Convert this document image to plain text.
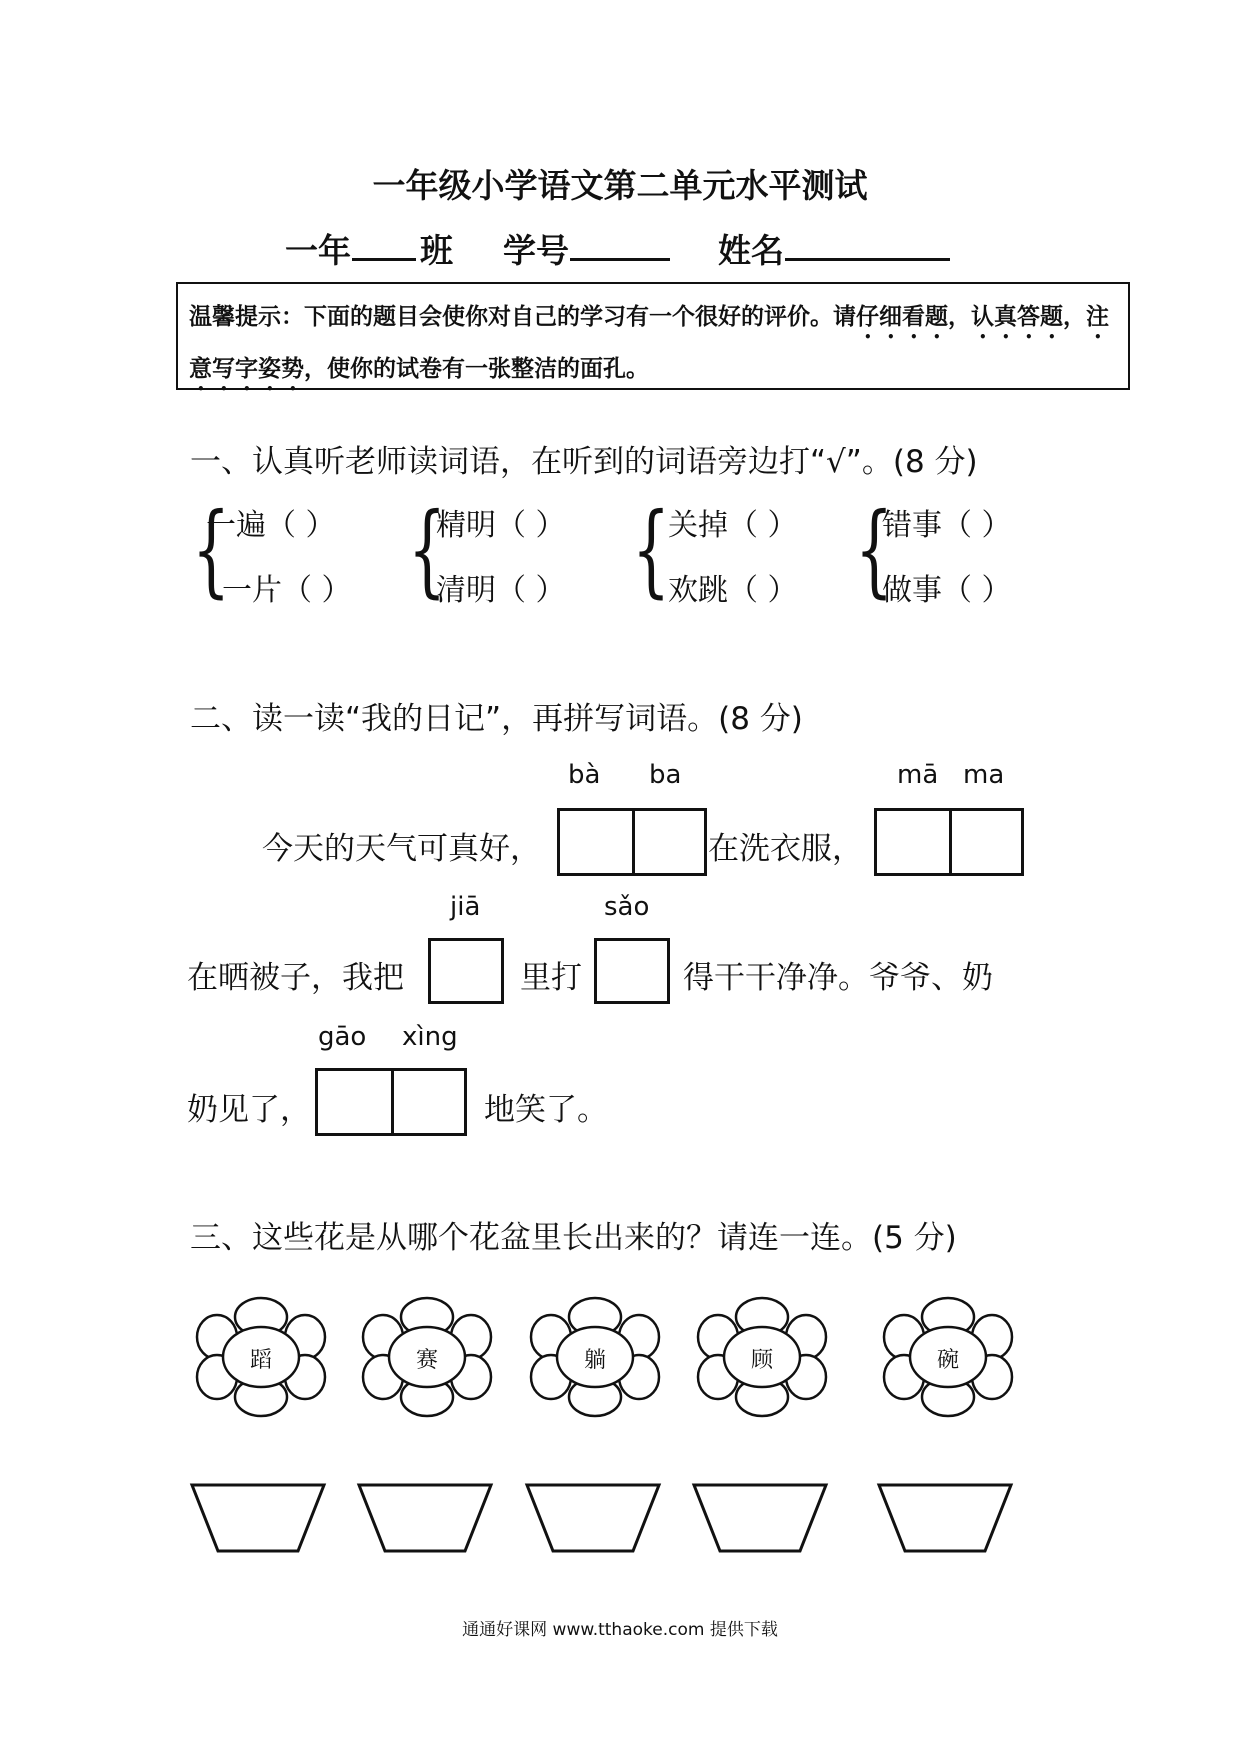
一年级小学语文第二单元水平测试
一年 班 学号	姓名
温馨提示：下面的题目会使你对自己的学习有一个很好的评价。请仔细看题，认真答题，注意写字姿势，使你的试卷有一张整洁的面孔。
一、认真听老师读词语，在听到的词语旁边打“√”。(8 分)
{
一遍（ ）
一片（ ） {
精明（ ）
清明（ ） {
关掉（ ）
欢跳（ ） {
错事（ ）
做事（ ）
二、读一读“我的日记”，再拼写词语。(8 分)
bà ba	mā ma
今天的天气可真好，	在洗衣服，
jiā	sǎo
在晒被子，我把	里打	得干干净净。爷爷、奶
gāo xìng
奶见了，	地笑了。
三、这些花是从哪个花盆里长出来的？请连一连。(5 分)
蹈	赛	躺	顾	碗
通通好课网 www.tthaoke.com 提供下载
